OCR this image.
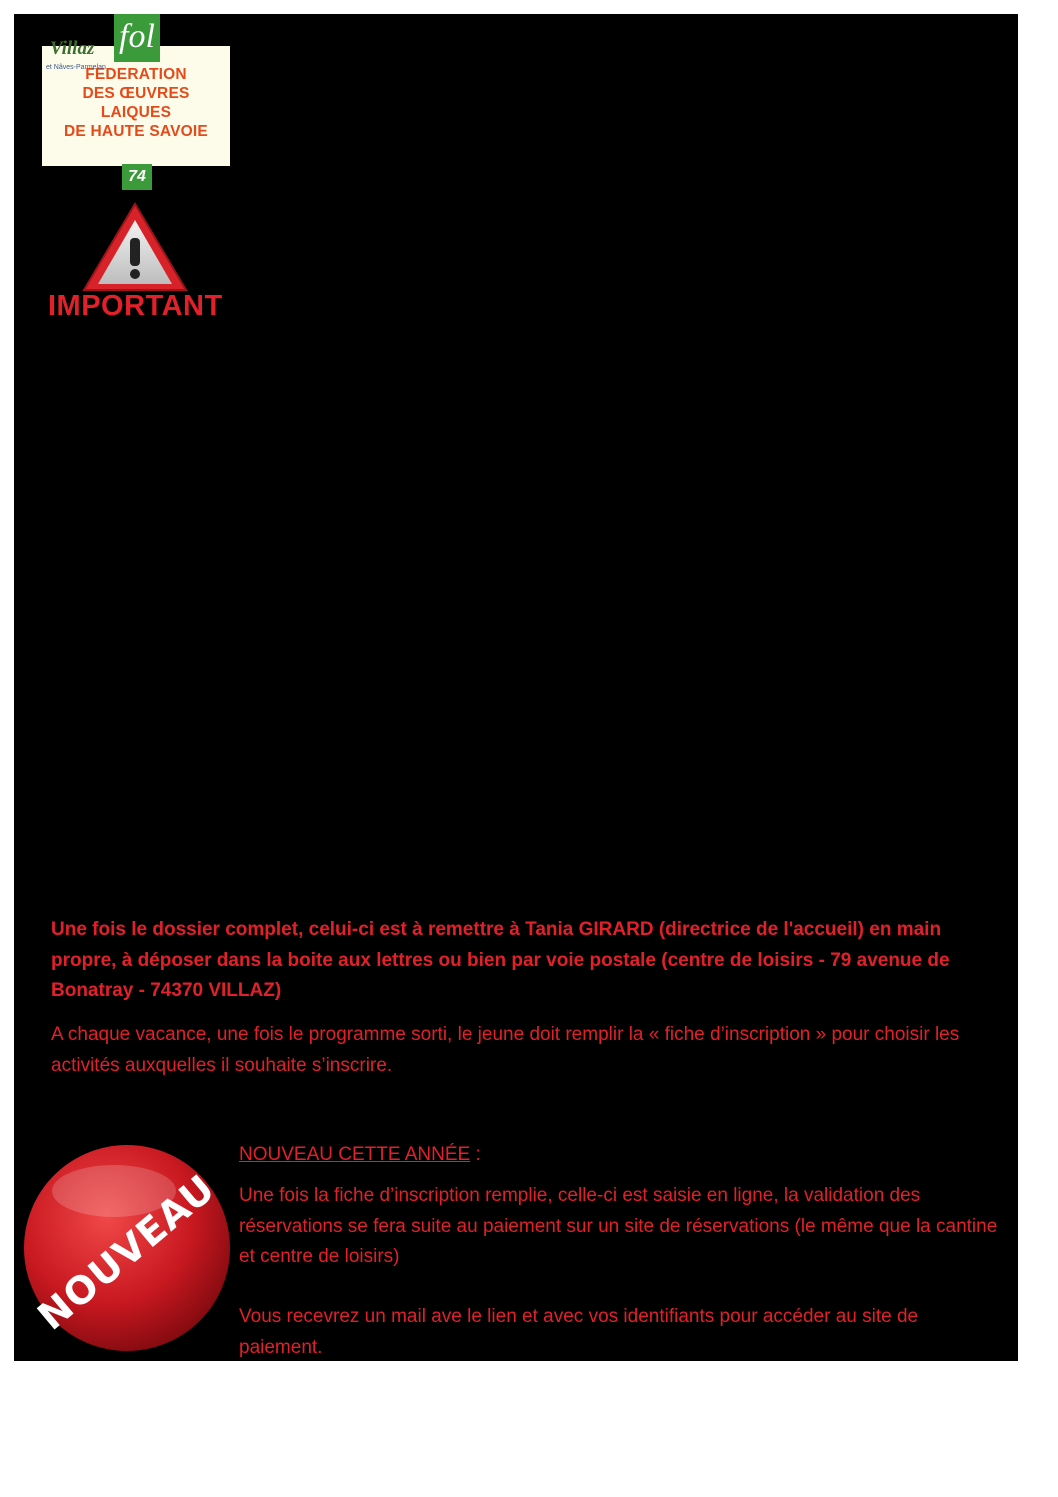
FEDERATION
DES ŒUVRES
LAIQUES
DE HAUTE SAVOIE
Villaz
et Nâves-Parmelan
fol
74
IMPORTANT
Une fois le dossier complet, celui-ci est à remettre à Tania GIRARD (directrice de l'accueil) en main propre, à déposer dans la boite aux lettres ou bien par voie postale (centre de loisirs - 79 avenue de Bonatray - 74370 VILLAZ)
A chaque vacance, une fois le programme sorti, le jeune doit remplir la « fiche d’inscription » pour choisir les activités auxquelles il souhaite s’inscrire.
NOUVEAU
NOUVEAU CETTE ANNÉE :
Une fois la fiche d’inscription remplie, celle-ci est saisie en ligne, la validation des réservations se fera suite au paiement sur un site de réservations (le même que la cantine et centre de loisirs)
Vous recevrez un mail ave le lien et avec vos identifiants pour accéder au site de paiement.
